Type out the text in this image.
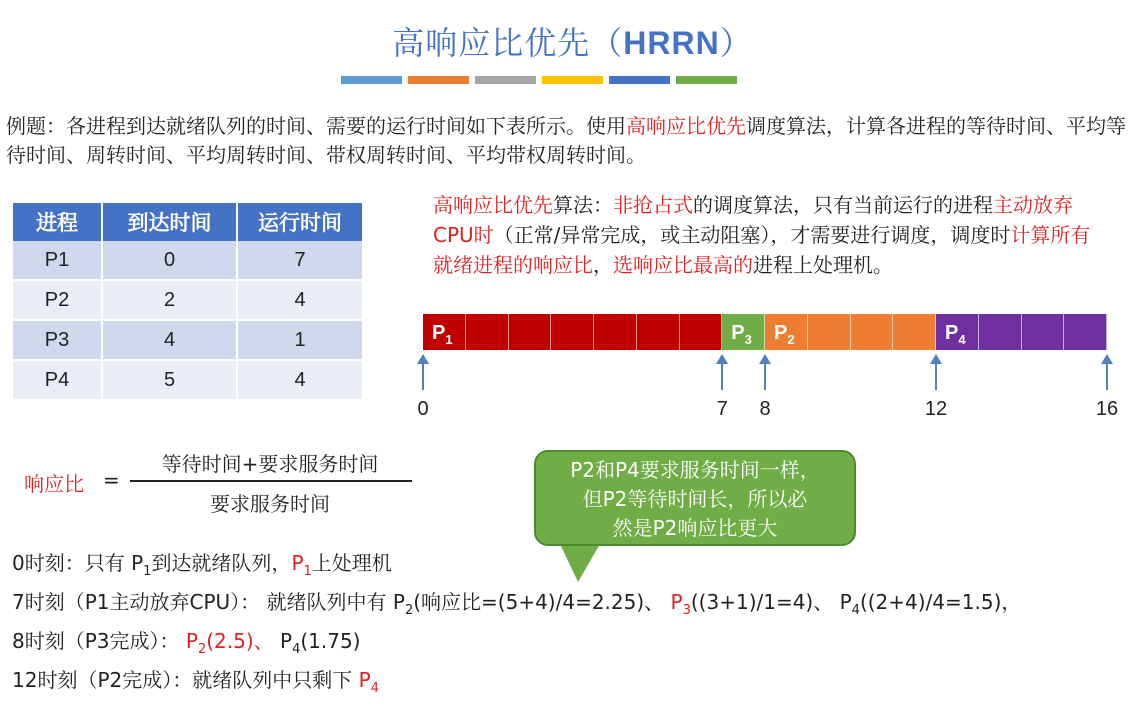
高响应比优先（HRRN）
例题：各进程到达就绪队列的时间、需要的运行时间如下表所示。使用高响应比优先调度算法，计算各进程的等待时间、平均等待时间、周转时间、平均周转时间、带权周转时间、平均带权周转时间。
进程	到达时间	运行时间
P1	0	7
P2	2	4
P3	4	1
P4	5	4
高响应比优先算法：非抢占式的调度算法，只有当前运行的进程主动放弃CPU时（正常/异常完成，或主动阻塞），才需要进行调度，调度时计算所有就绪进程的响应比，选响应比最高的进程上处理机。
$P_1$	$P_3$ $P_2$	$P_4$
0	7	8	12	16
响应比 =
等待时间+要求服务时间
要求服务时间
P2和P4要求服务时间一样，
但P2等待时间长，所以必
然是P2响应比更大
0时刻：只有 $P_1$到达就绪队列，$P_1$上处理机
7时刻（P1主动放弃CPU）： 就绪队列中有 $P_2$(响应比=(5+4)/4=2.25)、 $P_3((3+1)/1=4)$、 $P_4((2+4)/4=1.5)$，
8时刻（P3完成）： $P_2(2.5)$、 $P_4(1.75)$
12时刻（P2完成）：就绪队列中只剩下 $P_4$
